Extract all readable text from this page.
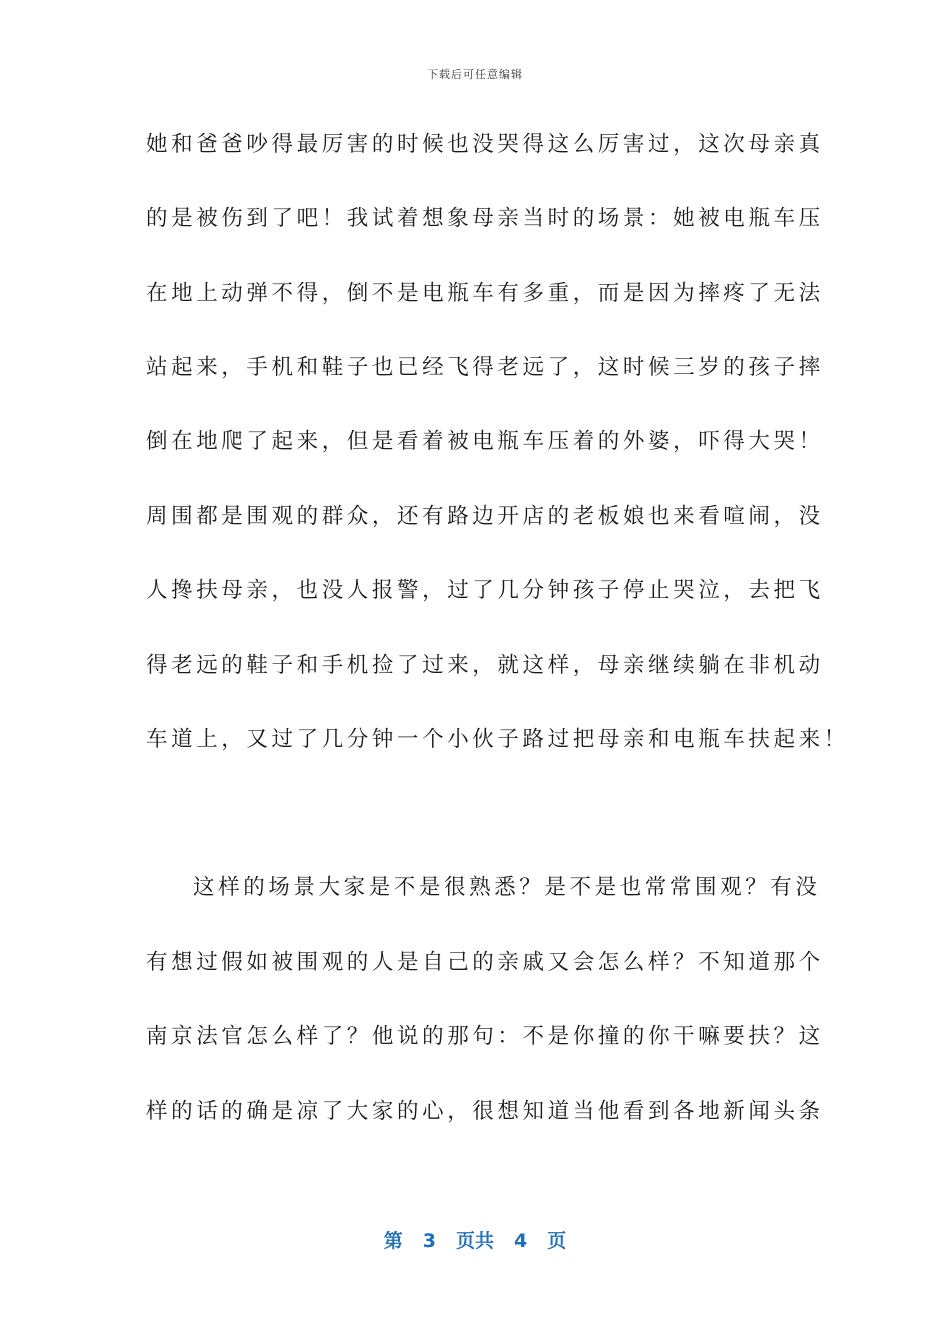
下载后可任意编辑
她和爸爸吵得最厉害的时候也没哭得这么厉害过，这次母亲真
的是被伤到了吧！我试着想象母亲当时的场景：她被电瓶车压
在地上动弹不得，倒不是电瓶车有多重，而是因为摔疼了无法
站起来，手机和鞋子也已经飞得老远了，这时候三岁的孩子摔
倒在地爬了起来，但是看着被电瓶车压着的外婆，吓得大哭！
周围都是围观的群众，还有路边开店的老板娘也来看喧闹，没
人搀扶母亲，也没人报警，过了几分钟孩子停止哭泣，去把飞
得老远的鞋子和手机捡了过来，就这样，母亲继续躺在非机动
车道上，又过了几分钟一个小伙子路过把母亲和电瓶车扶起来！
这样的场景大家是不是很熟悉？是不是也常常围观？有没
有想过假如被围观的人是自己的亲戚又会怎么样？不知道那个
南京法官怎么样了？他说的那句：不是你撞的你干嘛要扶？这
样的话的确是凉了大家的心，很想知道当他看到各地新闻头条
第 3 页共 4 页
